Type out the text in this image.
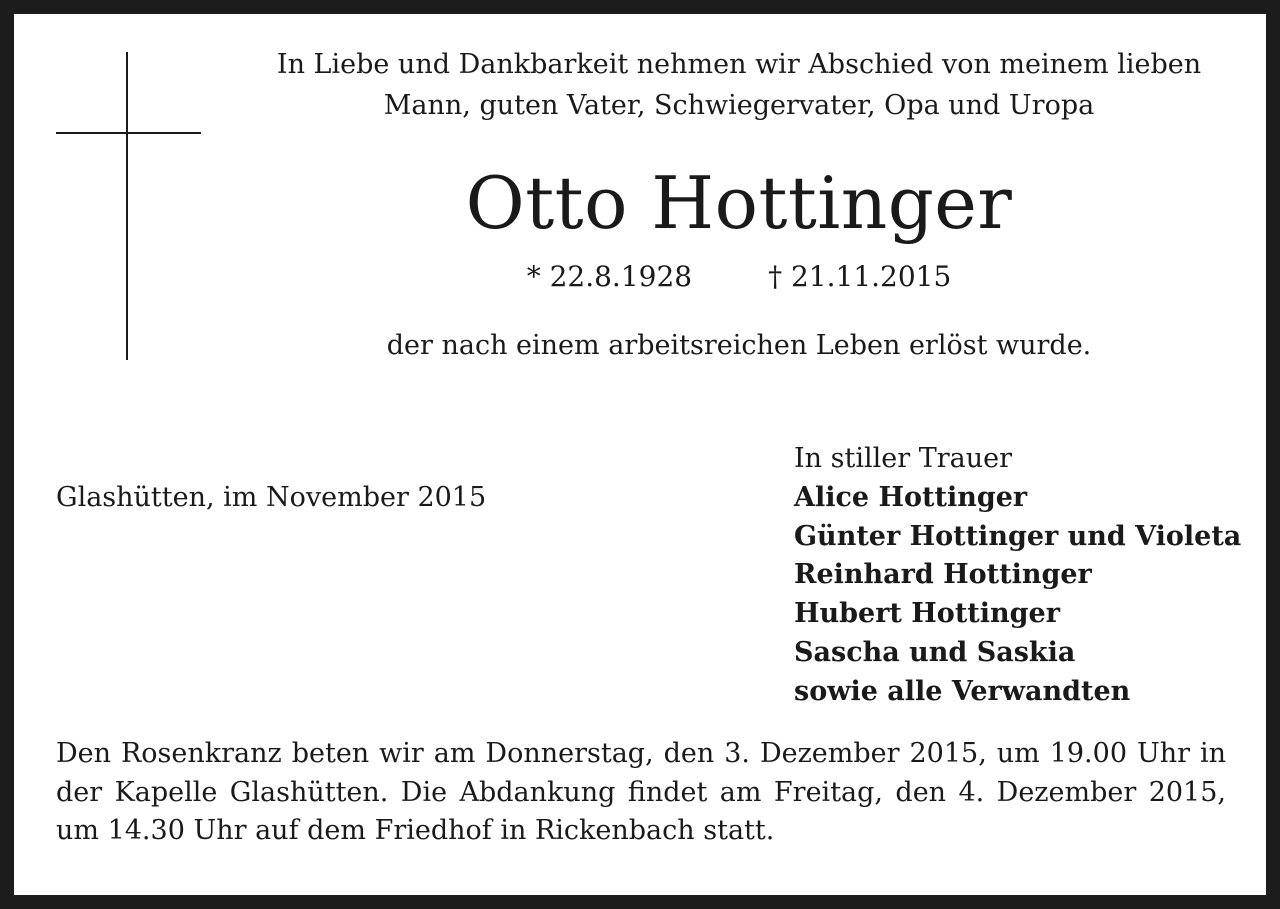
In Liebe und Dankbarkeit nehmen wir Abschied von meinem lieben
Mann, guten Vater, Schwiegervater, Opa und Uropa
Otto Hottinger
* 22.8.1928	† 21.11.2015
der nach einem arbeitsreichen Leben erlöst wurde.
Glashütten, im November 2015
In stiller Trauer
Alice Hottinger
Günter Hottinger und Violeta
Reinhard Hottinger
Hubert Hottinger
Sascha und Saskia
sowie alle Verwandten
Den Rosenkranz beten wir am Donnerstag, den 3. Dezember 2015, um 19.00 Uhr in der Kapelle Glashütten. Die Abdankung findet am Freitag, den 4. Dezember 2015, um 14.30 Uhr auf dem Friedhof in Rickenbach statt.
